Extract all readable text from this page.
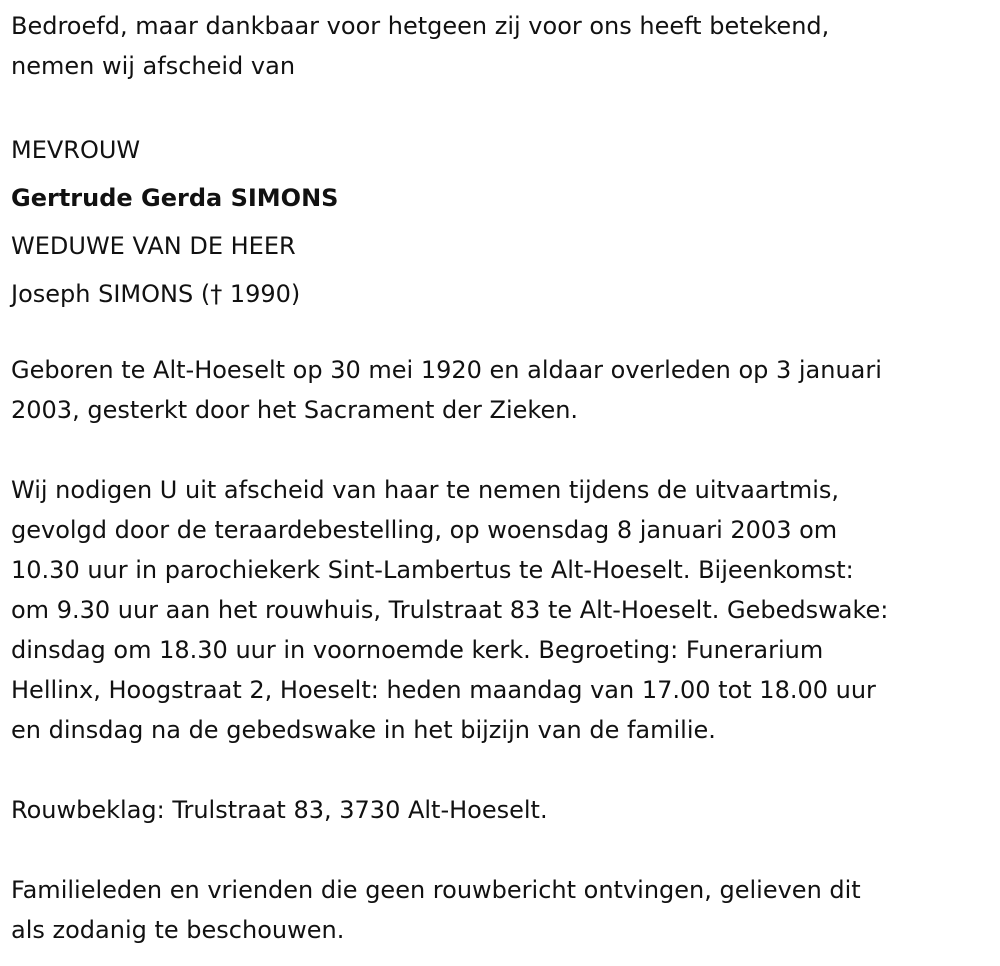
Bedroefd, maar dankbaar voor hetgeen zij voor ons heeft betekend,
nemen wij afscheid van
MEVROUW
Gertrude Gerda SIMONS
WEDUWE VAN DE HEER
Joseph SIMONS († 1990)
Geboren te Alt-Hoeselt op 30 mei 1920 en aldaar overleden op 3 januari
2003, gesterkt door het Sacrament der Zieken.
Wij nodigen U uit afscheid van haar te nemen tijdens de uitvaartmis,
gevolgd door de teraardebestelling, op woensdag 8 januari 2003 om
10.30 uur in parochiekerk Sint-Lambertus te Alt-Hoeselt. Bijeenkomst:
om 9.30 uur aan het rouwhuis, Trulstraat 83 te Alt-Hoeselt. Gebedswake:
dinsdag om 18.30 uur in voornoemde kerk. Begroeting: Funerarium
Hellinx, Hoogstraat 2, Hoeselt: heden maandag van 17.00 tot 18.00 uur
en dinsdag na de gebedswake in het bijzijn van de familie.
Rouwbeklag: Trulstraat 83, 3730 Alt-Hoeselt.
Familieleden en vrienden die geen rouwbericht ontvingen, gelieven dit
als zodanig te beschouwen.
